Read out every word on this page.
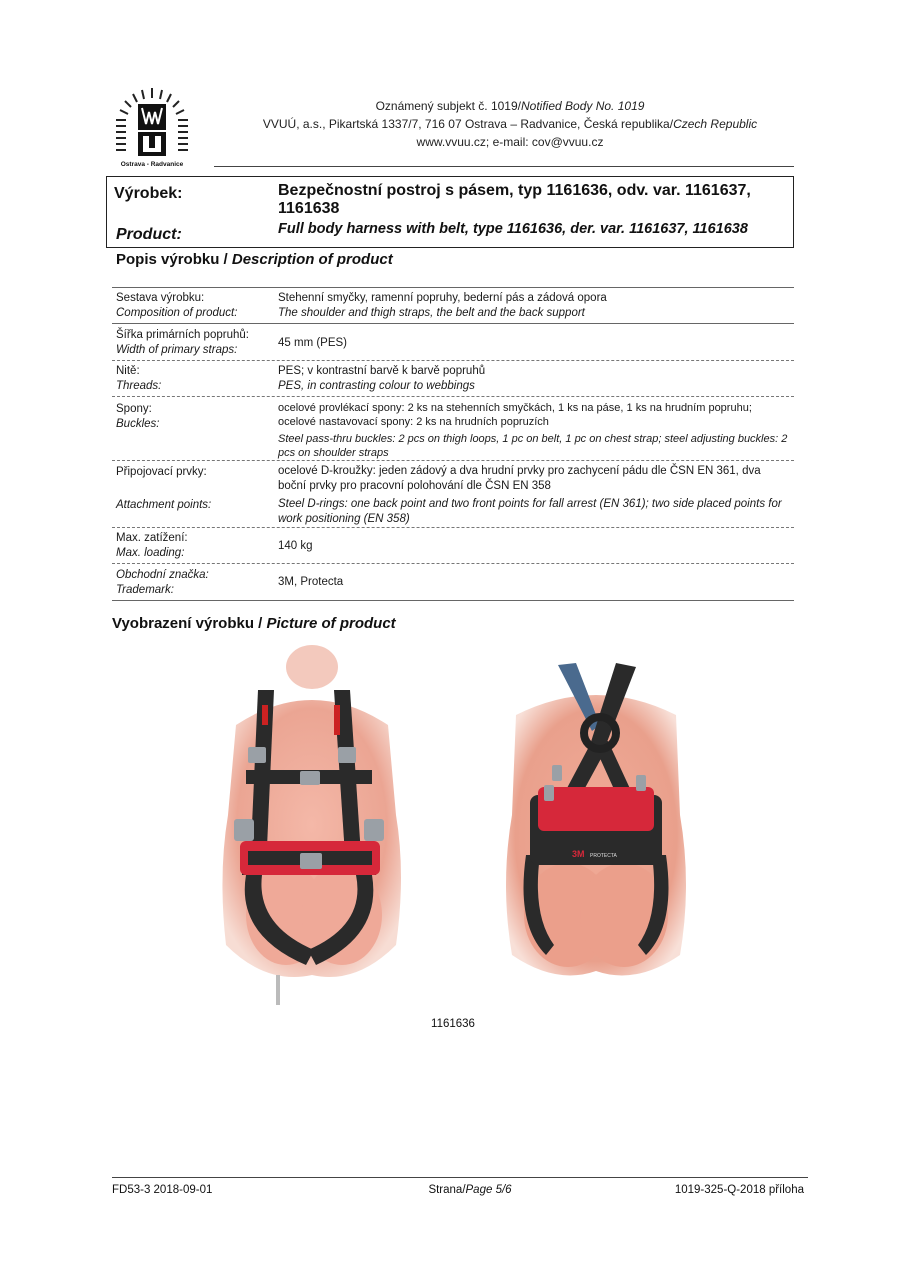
Ostrava - Radvanice
Oznámený subjekt č. 1019/Notified Body No. 1019
VVUÚ, a.s., Pikartská 1337/7, 716 07 Ostrava – Radvanice, Česká republika/Czech Republic
www.vvuu.cz; e-mail: cov@vvuu.cz
Výrobek:
Product:
Bezpečnostní postroj s pásem, typ 1161636, odv. var. 1161637, 1161638
Full body harness with belt, type 1161636, der. var. 1161637, 1161638
Popis výrobku / Description of product
Sestava výrobku:
Composition of product:
Stehenní smyčky, ramenní popruhy, bederní pás a zádová opora
The shoulder and thigh straps, the belt and the back support
Šířka primárních popruhů:
Width of primary straps:
45 mm (PES)
Nitě:
Threads:
PES; v kontrastní barvě k barvě popruhů
PES, in contrasting colour to webbings
Spony:
Buckles:
ocelové provlékací spony: 2 ks na stehenních smyčkách, 1 ks na pásе, 1 ks na hrudním popruhu; ocelové nastavovací spony: 2 ks na hrudních popruzích
Steel pass-thru buckles: 2 pcs on thigh loops, 1 pc on belt, 1 pc on chest strap; steel adjusting buckles: 2 pcs on shoulder straps
Připojovací prvky:
Attachment points:
ocelové D-kroužky: jeden zádový a dva hrudní prvky pro zachycení pádu dle ČSN EN 361, dva boční prvky pro pracovní polohování dle ČSN EN 358
Steel D-rings: one back point and two front points for fall arrest (EN 361); two side placed points for work positioning (EN 358)
Max. zatížení:
Max. loading:
140 kg
Obchodní značka:
Trademark:
3M, Protecta
Vyobrazení výrobku / Picture of product
3M PROTECTA
1161636
FD53-3 2018-09-01	Strana/Page 5/6	1019-325-Q-2018 příloha
